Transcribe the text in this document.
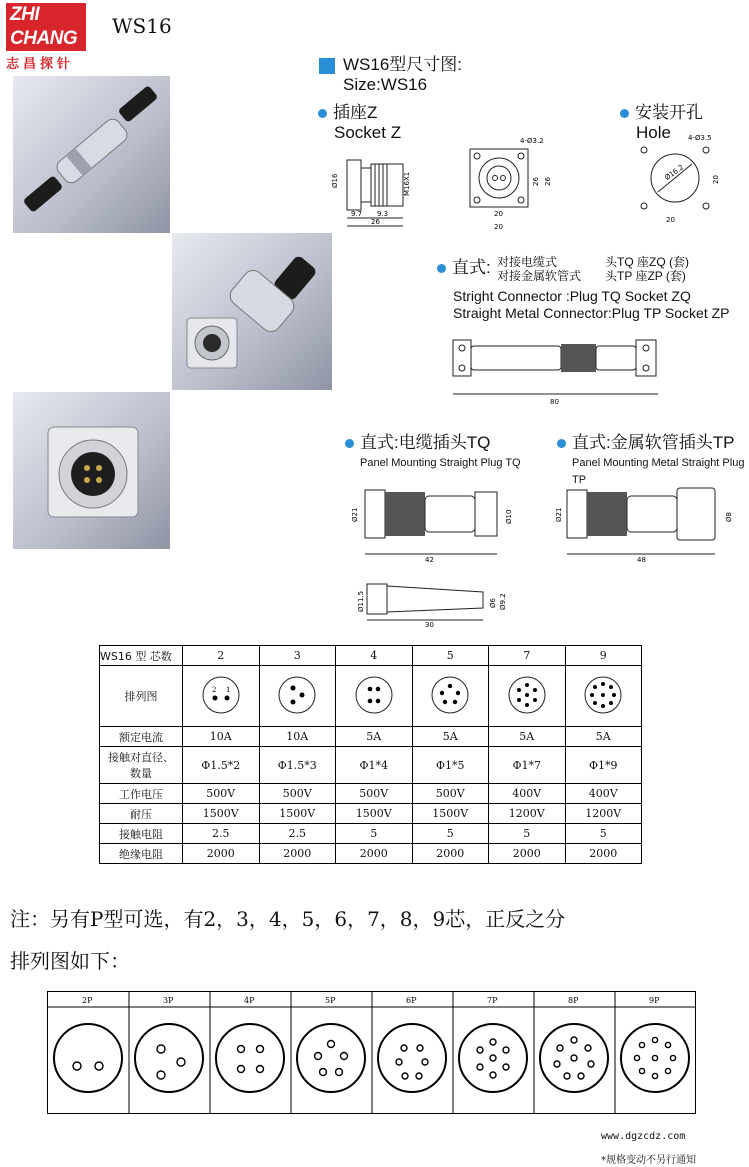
ZHI CHANG
志昌探针
WS16
WS16型尺寸图:
Size:WS16
插座Z
Socket Z
9.7 9.3
26
Ø16	M16X1
4-Ø3.2
20
20
26 26
安装开孔
Hole	4-Ø3.5
Ø16.2
20
20
直式: 对接电缆式
对接金属软管式
头TQ 座ZQ (套)
头TP 座ZP (套)
Stright Connector :Plug TQ Socket ZQ
Straight Metal Connector:Plug TP Socket ZP
80
直式:电缆插头TQ
Panel Mounting Straight Plug TQ
42
Ø21	Ø10
直式:金属软管插头TP
Panel Mounting Metal Straight Plug TP
48
Ø21	Ø8
30
Ø11.5	Ø6 Ø9.2
WS16 型 芯数	2	3	4	5	7	9
排列图	2 1

额定电流	10A	10A	5A	5A	5A	5A
接触对直径、数量	Φ1.5*2	Φ1.5*3	Φ1*4	Φ1*5	Φ1*7	Φ1*9
工作电压	500V	500V	500V	500V	400V	400V
耐压	1500V	1500V	1500V	1500V	1200V	1200V
接触电阻	2.5	2.5	5	5	5	5
绝缘电阻	2000	2000	2000	2000	2000	2000
注：另有P型可选，有2，3，4，5，6，7，8，9芯，正反之分
排列图如下：
2P	3P	4P	5P	6P	7P	8P	9P
www.dgzcdz.com
*规格变动不另行通知
